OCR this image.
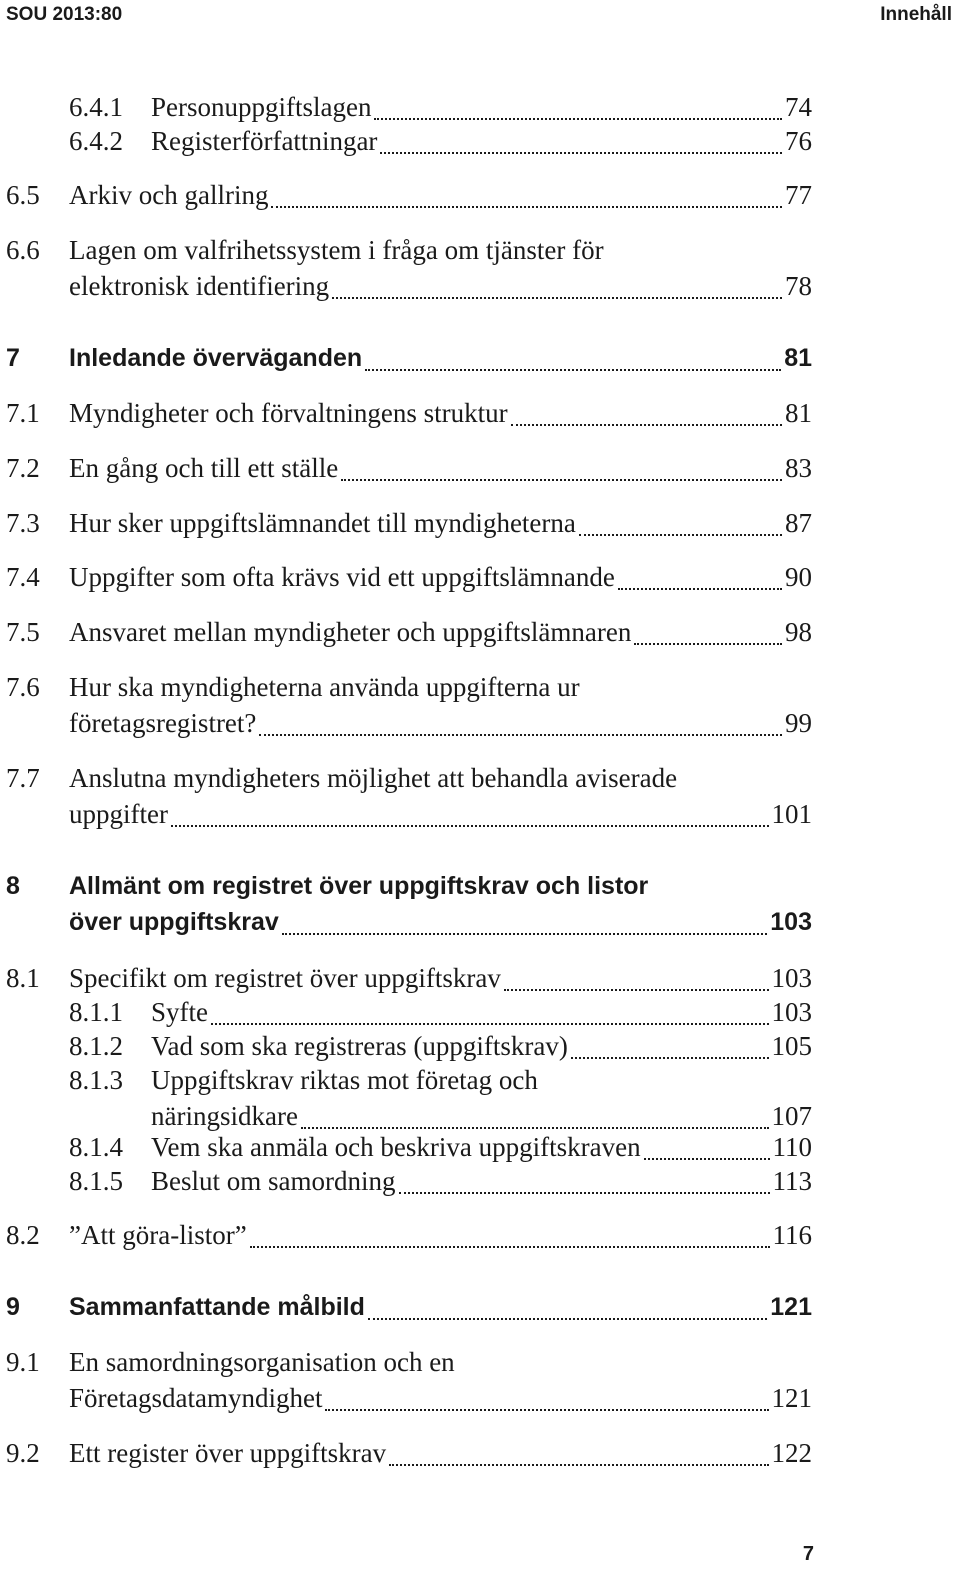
SOU 2013:80	Innehåll
6.4.1 Personuppgiftslagen	74
6.4.2 Registerförfattningar	76
6.5 Arkiv och gallring	77
6.6 Lagen om valfrihetssystem i fråga om tjänster för
elektronisk identifiering	78
7 Inledande överväganden	81
7.1 Myndigheter och förvaltningens struktur	81
7.2 En gång och till ett ställe	83
7.3 Hur sker uppgiftslämnandet till myndigheterna	87
7.4 Uppgifter som ofta krävs vid ett uppgiftslämnande	90
7.5 Ansvaret mellan myndigheter och uppgiftslämnaren	98
7.6 Hur ska myndigheterna använda uppgifterna ur
företagsregistret?	99
7.7 Anslutna myndigheters möjlighet att behandla aviserade
uppgifter	101
8 Allmänt om registret över uppgiftskrav och listor
över uppgiftskrav	103
8.1 Specifikt om registret över uppgiftskrav	103
8.1.1 Syfte	103
8.1.2 Vad som ska registreras (uppgiftskrav)	105
8.1.3 Uppgiftskrav riktas mot företag och
näringsidkare	107
8.1.4 Vem ska anmäla och beskriva uppgiftskraven	110
8.1.5 Beslut om samordning	113
8.2 ”Att göra-listor”	116
9 Sammanfattande målbild	121
9.1 En samordningsorganisation och en
Företagsdatamyndighet	121
9.2 Ett register över uppgiftskrav	122
7
